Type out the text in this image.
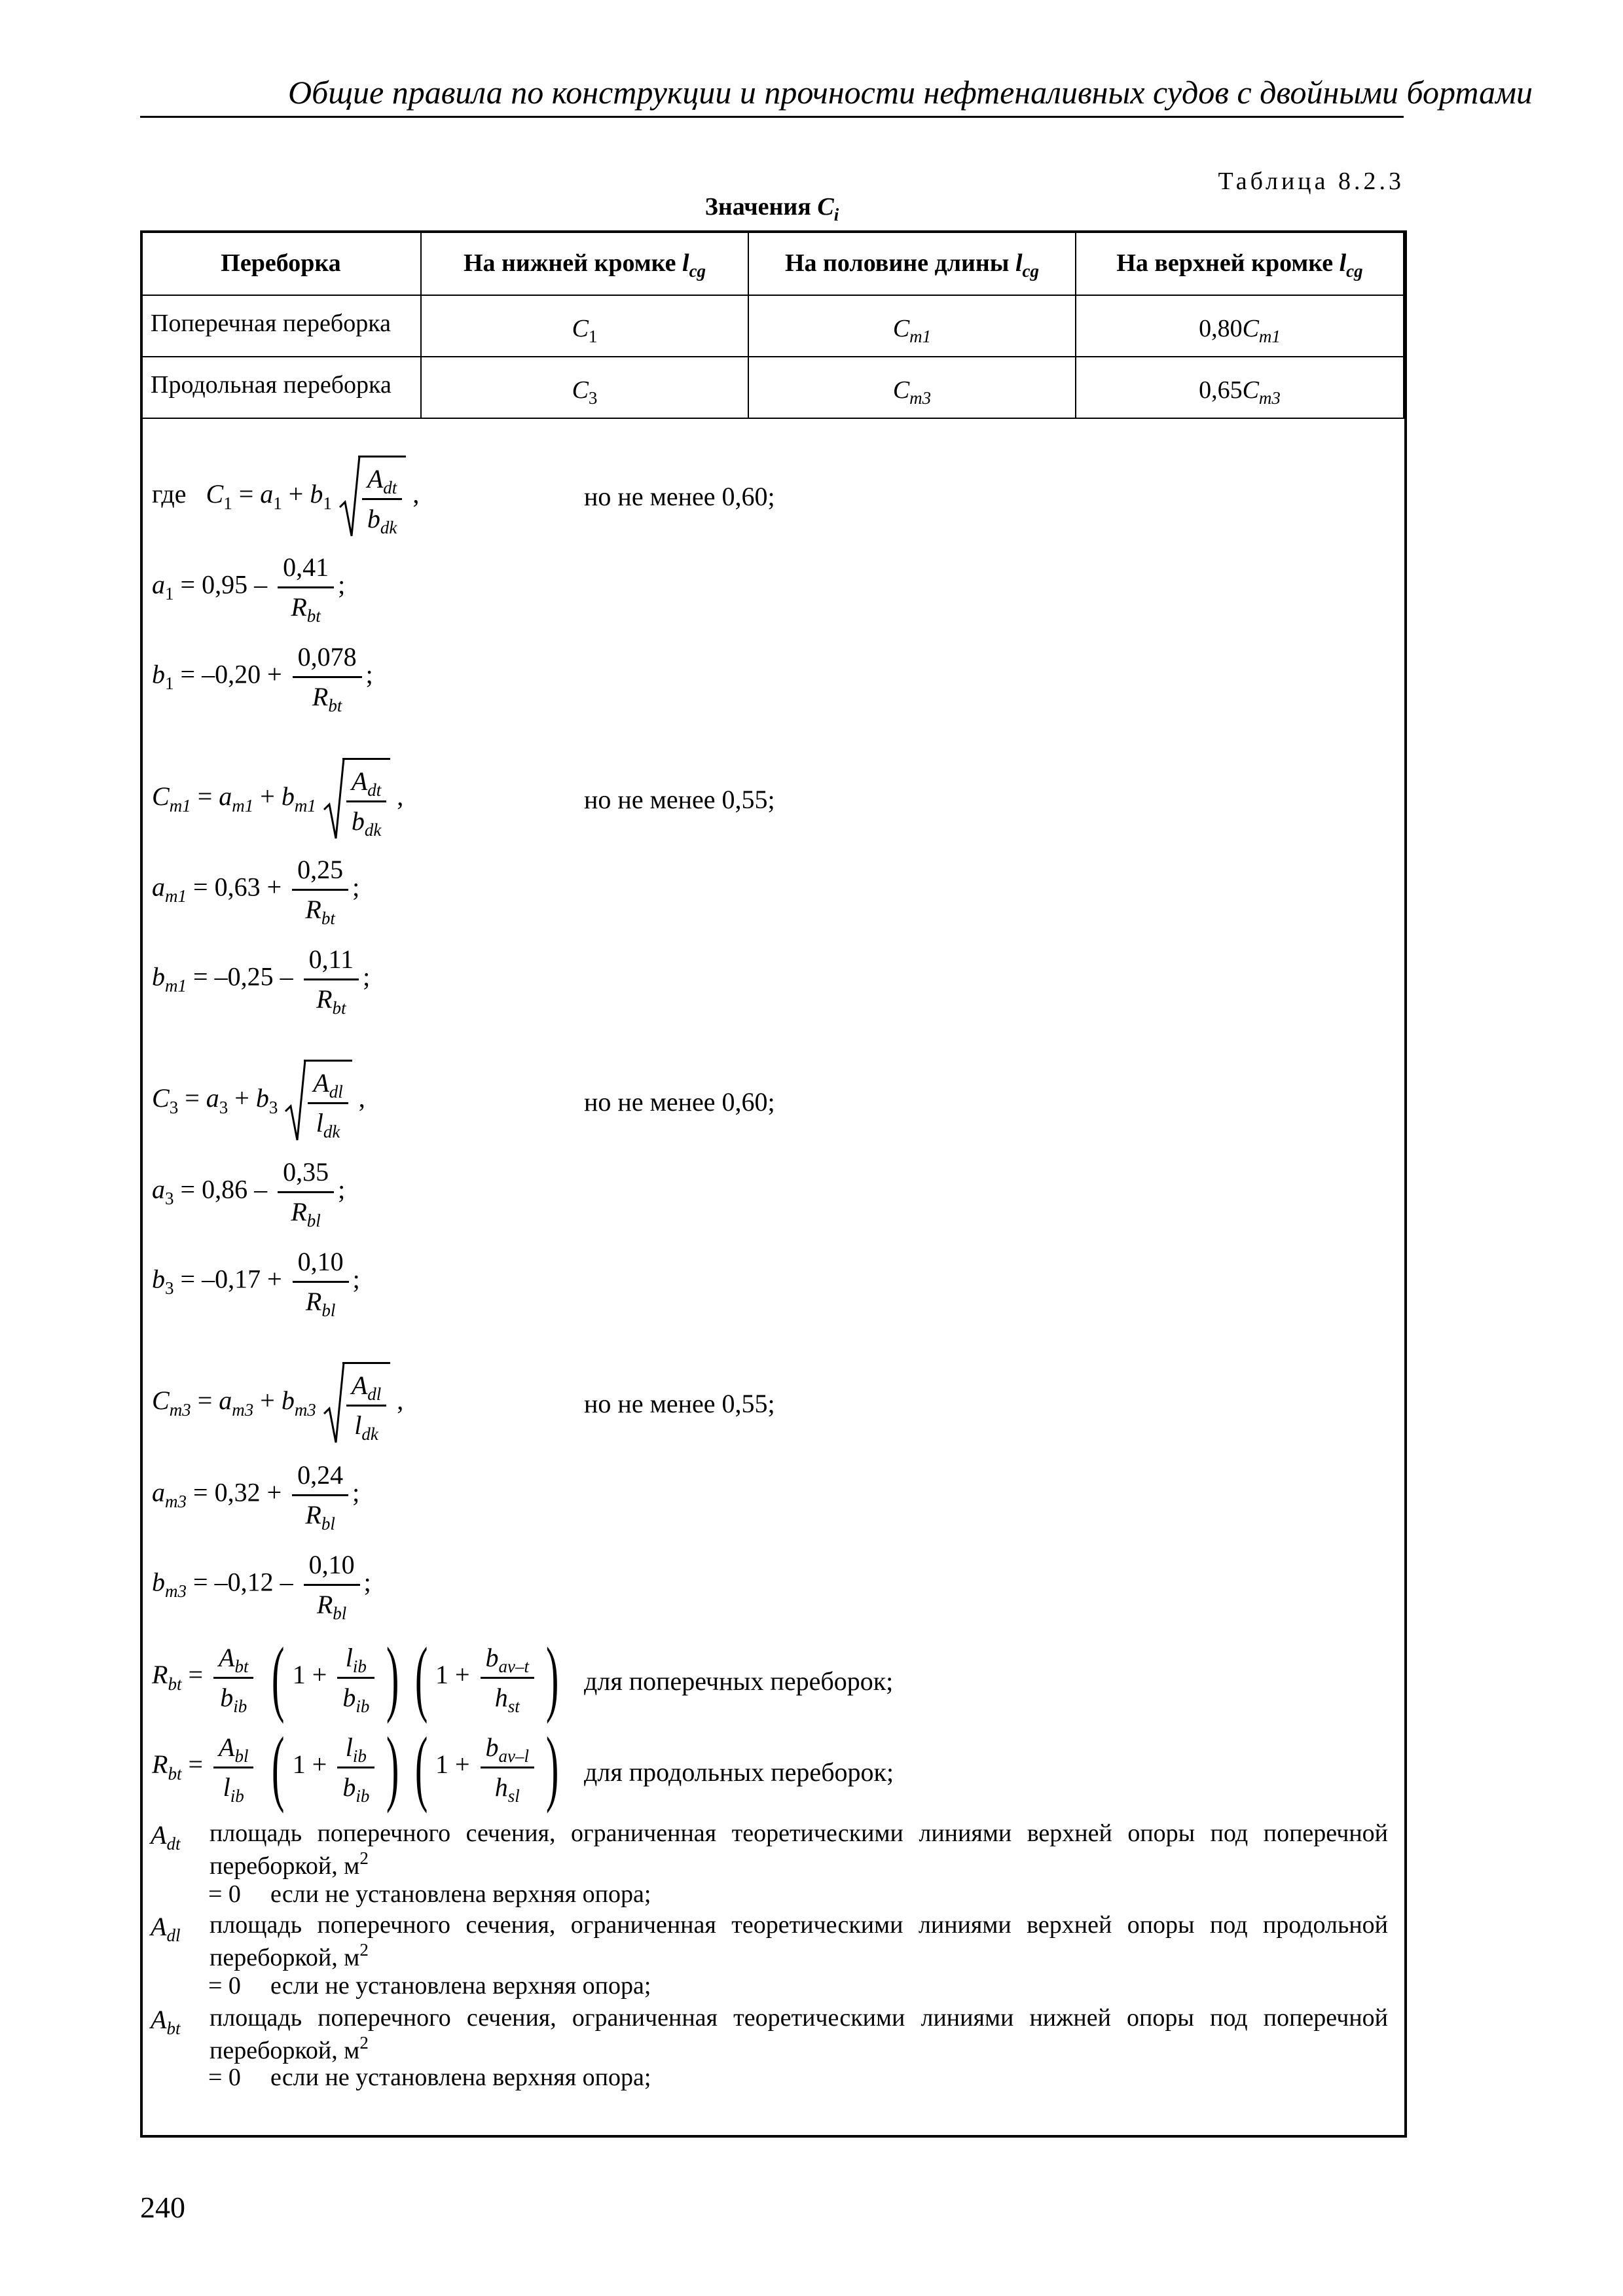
Общие правила по конструкции и прочности нефтеналивных судов с двойными бортами
Таблица 8.2.3
Значения $C_i$
Переборка	На нижней кромке $l_{cg}$	На половине длины $l_{cg}$	На верхней кромке $l_{cg}$
Поперечная переборка	$C_1$	$C_{m1}$	$0,80C_{m1}$
Продольная переборка	$C_3$	$C_{m3}$	$0,65C_{m3}$
где $C_1 = a_1 + b_1$
$A_{dt}$
$b_{dk}$
,	но не менее 0,60;
$a_1 = 0,95$ –
0,41
$R_{bt}$
;
$b_1 = -0,20$ +
0,078
$R_{bt}$
;
$C_{m1} = a_{m1} + b_{m1}$
$A_{dt}$
$b_{dk}$
,	но не менее 0,55;
$a_{m1} = 0,63$ +
0,25
$R_{bt}$
;
$b_{m1} = -0,25$ –
0,11
$R_{bt}$
;
$C_3 = a_3 + b_3$
$A_{dl}$
$l_{dk}$
,	но не менее 0,60;
$a_3 = 0,86$ –
0,35
$R_{bl}$
;
$b_3 = -0,17$ +
0,10
$R_{bl}$
;
$C_{m3} = a_{m3} + b_{m3}$
$A_{dl}$
$l_{dk}$
,	но не менее 0,55;
$a_{m3} = 0,32$ +
0,24
$R_{bl}$
;
$b_{m3} = -0,12$ –
0,10
$R_{bl}$
;
$R_{bt}$ =
$A_{bt}$
$b_{ib}$ ( 1 +
$l_{ib}$
$b_{ib}$ ) ( 1 +
$b_{av-t}$
$h_{st}$ ) для поперечных переборок;
$R_{bt}$ =
$A_{bl}$
$l_{ib}$ ( 1 +
$l_{ib}$
$b_{ib}$ ) ( 1 +
$b_{av-l}$
$h_{sl}$ ) для продольных переборок;
$A_{dt}$ площадь поперечного сечения, ограниченная теоретическими линиями верхней опоры под поперечной переборкой, $м^2$
= 0 если не установлена верхняя опора;
$A_{dl}$ площадь поперечного сечения, ограниченная теоретическими линиями верхней опоры под продольной переборкой, $м^2$
= 0 если не установлена верхняя опора;
$A_{bt}$ площадь поперечного сечения, ограниченная теоретическими линиями нижней опоры под поперечной переборкой, $м^2$
= 0 если не установлена верхняя опора;
240
